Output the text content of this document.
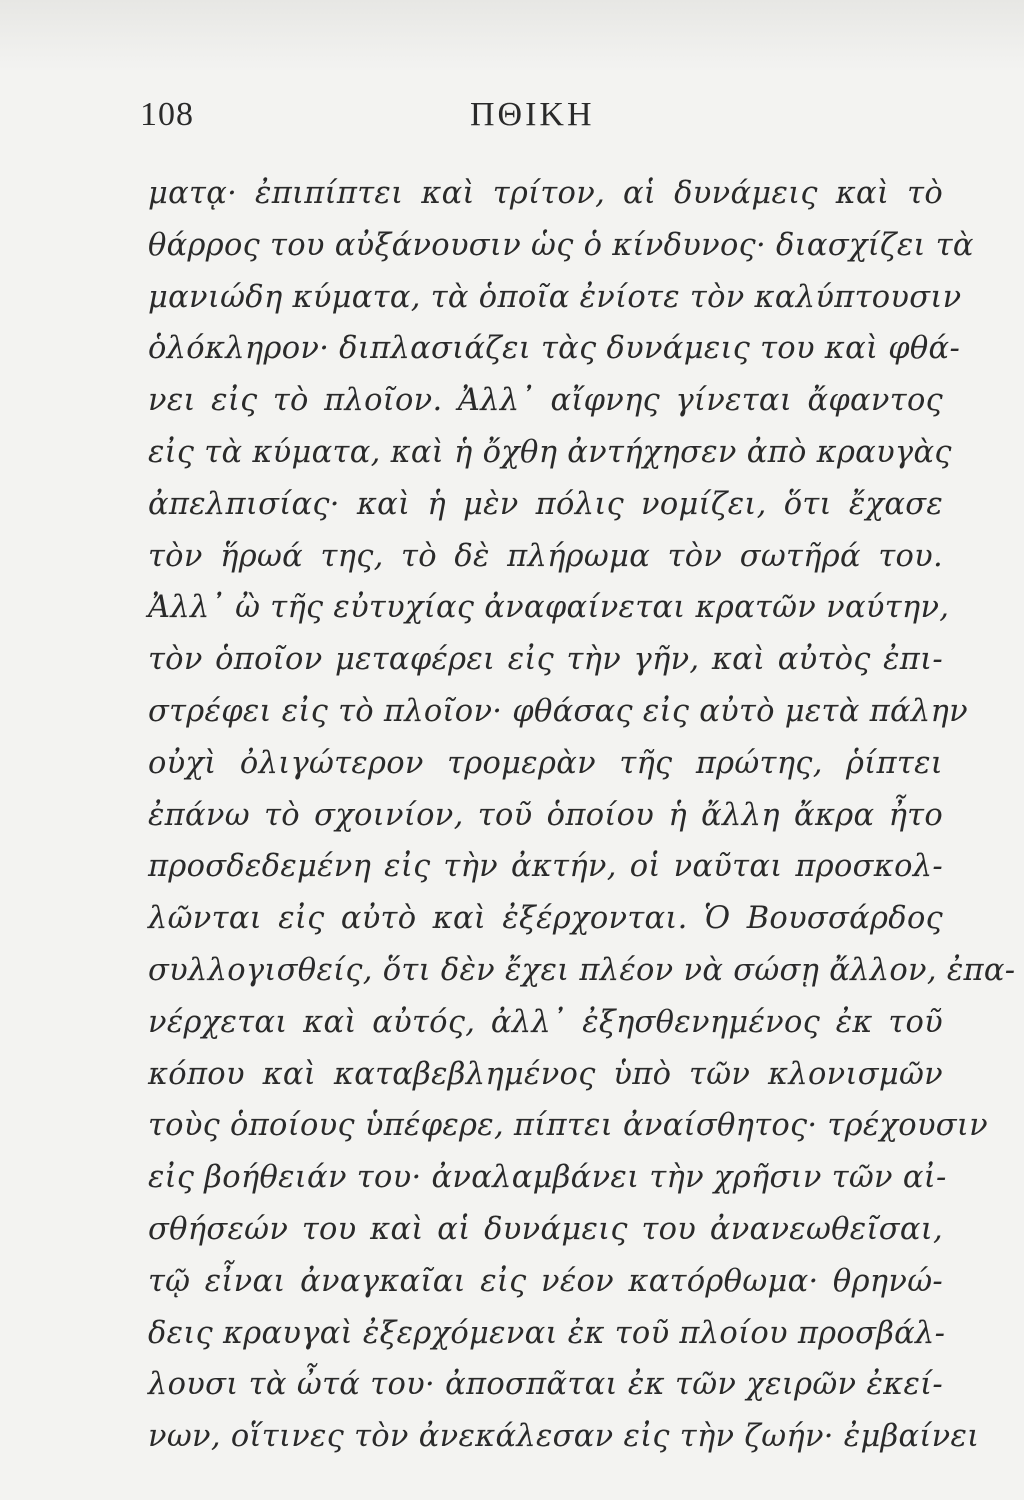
108	ΠΘΙΚΗ
ματᾳ· ἐπιπίπτει καὶ τρίτον, αἱ δυνάμεις καὶ τὸ
θάρρος του αὐξάνουσιν ὡς ὁ κίνδυνος· διασχίζει τὰ
μανιώδη κύματα, τὰ ὁποῖα ἐνίοτε τὸν καλύπτουσιν
ὁλόκληρον· διπλασιάζει τὰς δυνάμεις του καὶ φθά-
νει εἰς τὸ πλοῖον. Ἀλλ᾽ αἴφνης γίνεται ἄφαντος
εἰς τὰ κύματα, καὶ ἡ ὄχθη ἀντήχησεν ἀπὸ κραυγὰς
ἀπελπισίας· καὶ ἡ μὲν πόλις νομίζει, ὅτι ἔχασε
τὸν ἥρωά της, τὸ δὲ πλήρωμα τὸν σωτῆρά του.
Ἀλλ᾽ ὢ τῆς εὐτυχίας ἀναφαίνεται κρατῶν ναύτην,
τὸν ὁποῖον μεταφέρει εἰς τὴν γῆν, καὶ αὐτὸς ἐπι-
στρέφει εἰς τὸ πλοῖον· φθάσας εἰς αὐτὸ μετὰ πάλην
οὐχὶ ὀλιγώτερον τρομερὰν τῆς πρώτης, ῥίπτει
ἐπάνω τὸ σχοινίον, τοῦ ὁποίου ἡ ἄλλη ἄκρα ἦτο
προσδεδεμένη εἰς τὴν ἀκτήν, οἱ ναῦται προσκολ-
λῶνται εἰς αὐτὸ καὶ ἐξέρχονται. Ὁ Βουσσάρδος
συλλογισθείς, ὅτι δὲν ἔχει πλέον νὰ σώσῃ ἄλλον, ἐπα-
νέρχεται καὶ αὐτός, ἀλλ᾽ ἐξησθενημένος ἐκ τοῦ
κόπου καὶ καταβεβλημένος ὑπὸ τῶν κλονισμῶν
τοὺς ὁποίους ὑπέφερε, πίπτει ἀναίσθητος· τρέχουσιν
εἰς βοήθειάν του· ἀναλαμβάνει τὴν χρῆσιν τῶν αἰ-
σθήσεών του καὶ αἱ δυνάμεις του ἀνανεωθεῖσαι,
τῷ εἶναι ἀναγκαῖαι εἰς νέον κατόρθωμα· θρηνώ-
δεις κραυγαὶ ἐξερχόμεναι ἐκ τοῦ πλοίου προσβάλ-
λουσι τὰ ὦτά του· ἀποσπᾶται ἐκ τῶν χειρῶν ἐκεί-
νων, οἵτινες τὸν ἀνεκάλεσαν εἰς τὴν ζωήν· ἐμβαίνει
